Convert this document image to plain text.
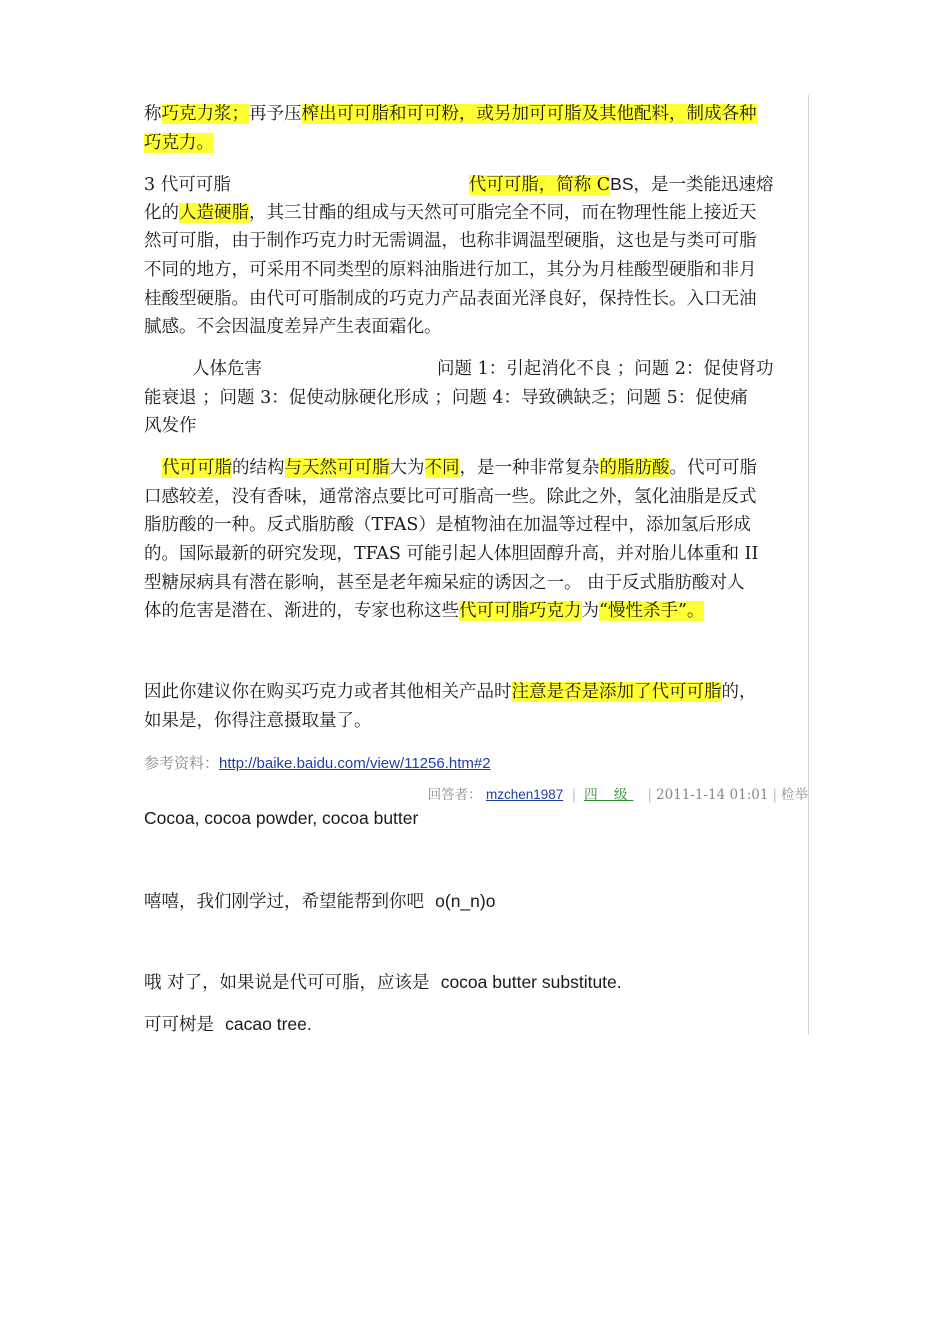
称巧克力浆；再予压榨出可可脂和可可粉，或另加可可脂及其他配料，制成各种
巧克力。
3 代可可脂	代可可脂，简称 CBS，是一类能迅速熔
化的人造硬脂，其三甘酯的组成与天然可可脂完全不同，而在物理性能上接近天
然可可脂，由于制作巧克力时无需调温，也称非调温型硬脂，这也是与类可可脂
不同的地方，可采用不同类型的原料油脂进行加工，其分为月桂酸型硬脂和非月
桂酸型硬脂。由代可可脂制成的巧克力产品表面光泽良好，保持性长。入口无油
腻感。不会因温度差异产生表面霜化。
人体危害	问题 1：引起消化不良 ；问题 2：促使肾功
能衰退 ；问题 3：促使动脉硬化形成 ；问题 4：导致碘缺乏；问题 5：促使痛
风发作
代可可脂的结构与天然可可脂大为不同，是一种非常复杂的脂肪酸。代可可脂
口感较差，没有香味，通常溶点要比可可脂高一些。除此之外，氢化油脂是反式
脂肪酸的一种。反式脂肪酸（TFAS）是植物油在加温等过程中，添加氢后形成
的。国际最新的研究发现，TFAS 可能引起人体胆固醇升高，并对胎儿体重和 II
型糖尿病具有潜在影响，甚至是老年痴呆症的诱因之一。 由于反式脂肪酸对人
体的危害是潜在、渐进的，专家也称这些代可可脂巧克力为“慢性杀手”。
因此你建议你在购买巧克力或者其他相关产品时注意是否是添加了代可可脂的，
如果是，你得注意摄取量了。
参考资料：http://baike.baidu.com/view/11256.htm#2
回答者： mzchen1987 | 四 级 | 2011-1-14 01:01 | 检举
Cocoa, cocoa powder, cocoa butter
嘻嘻，我们刚学过，希望能帮到你吧 o(n_n)o
哦 对了，如果说是代可可脂，应该是 cocoa butter substitute.
可可树是 cacao tree.
